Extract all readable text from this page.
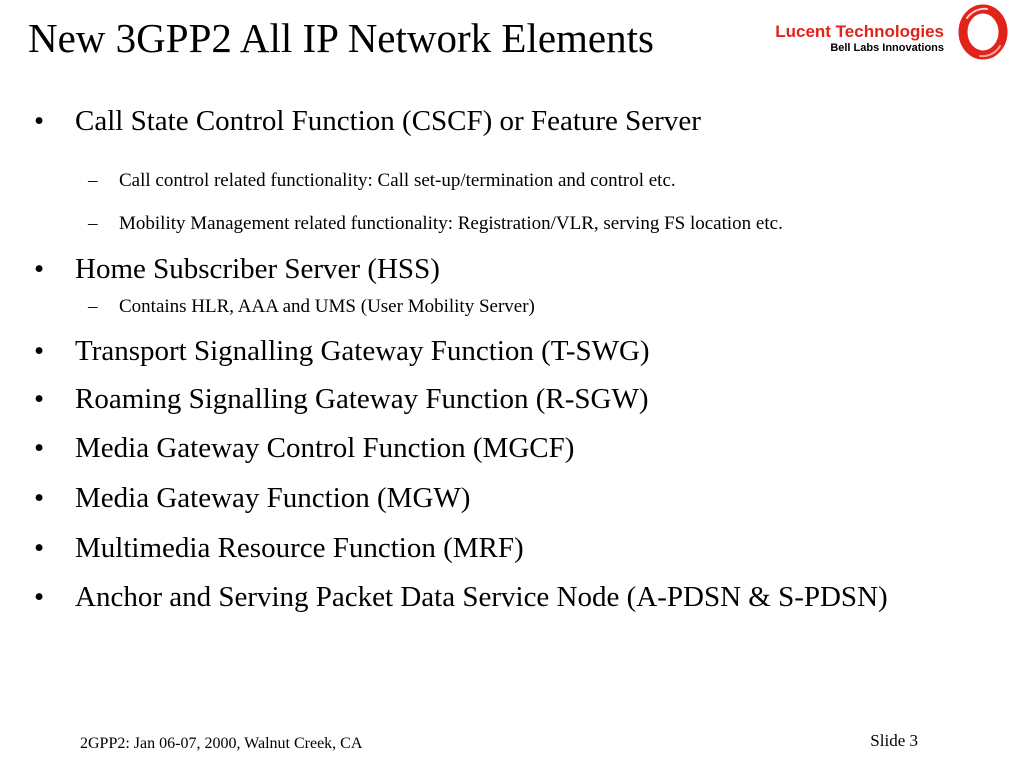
New 3GPP2 All IP Network Elements	Lucent Technologies
Bell Labs Innovations
• Call State Control Function (CSCF) or Feature Server
– Call control related functionality: Call set-up/termination and control etc.
– Mobility Management related functionality: Registration/VLR, serving FS location etc.
• Home Subscriber Server (HSS)
– Contains HLR, AAA and UMS (User Mobility Server)
• Transport Signalling Gateway Function (T-SWG)
• Roaming Signalling Gateway Function (R-SGW)
• Media Gateway Control Function (MGCF)
• Media Gateway Function (MGW)
• Multimedia Resource Function (MRF)
• Anchor and Serving Packet Data Service Node (A-PDSN & S-PDSN)
2GPP2: Jan 06-07, 2000, Walnut Creek, CA	Slide 3
